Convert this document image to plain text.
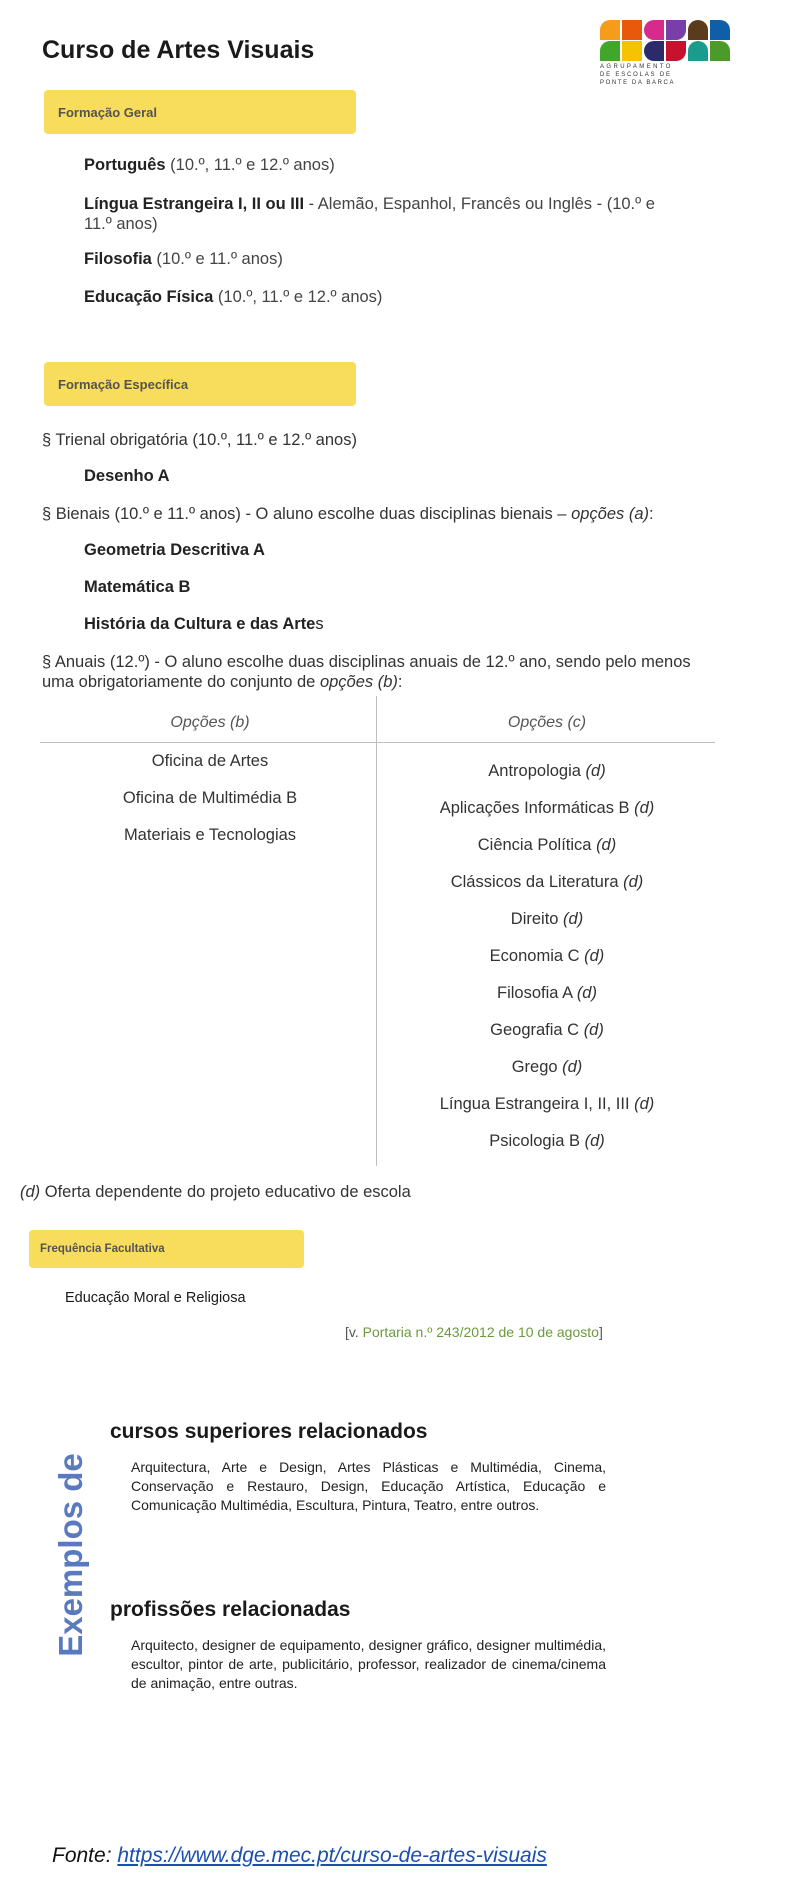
Curso de Artes Visuais
AGRUPAMENTO
DE ESCOLAS DE
PONTE DA BARCA
Formação Geral
Português (10.º, 11.º e 12.º anos)
Língua Estrangeira I, II ou III - Alemão, Espanhol, Francês ou Inglês - (10.º e
11.º anos)
Filosofia (10.º e 11.º anos)
Educação Física (10.º, 11.º e 12.º anos)
Formação Específica
§ Trienal obrigatória (10.º, 11.º e 12.º anos)
Desenho A
§ Bienais (10.º e 11.º anos) - O aluno escolhe duas disciplinas bienais – opções (a):
Geometria Descritiva A
Matemática B
História da Cultura e das Artes
§ Anuais (12.º) - O aluno escolhe duas disciplinas anuais de 12.º ano, sendo pelo menos
uma obrigatoriamente do conjunto de opções (b):
Opções (b)	Opções (c)
Oficina de Artes
Oficina de Multimédia B
Materiais e Tecnologias
Antropologia (d)
Aplicações Informáticas B (d)
Ciência Política (d)
Clássicos da Literatura (d)
Direito (d)
Economia C (d)
Filosofia A (d)
Geografia C (d)
Grego (d)
Língua Estrangeira I, II, III (d)
Psicologia B (d)
(d) Oferta dependente do projeto educativo de escola
Frequência Facultativa
Educação Moral e Religiosa
[v. Portaria n.º 243/2012 de 10 de agosto]
Exemplos de
cursos superiores relacionados
Arquitectura, Arte e Design, Artes Plásticas e Multimédia, Cinema, Conservação e Restauro, Design, Educação Artística, Educação e Comunicação Multimédia, Escultura, Pintura, Teatro, entre outros.
profissões relacionadas
Arquitecto, designer de equipamento, designer gráfico, designer multimédia, escultor, pintor de arte, publicitário, professor, realizador de cinema/cinema de animação, entre outras.
Fonte: https://www.dge.mec.pt/curso-de-artes-visuais
